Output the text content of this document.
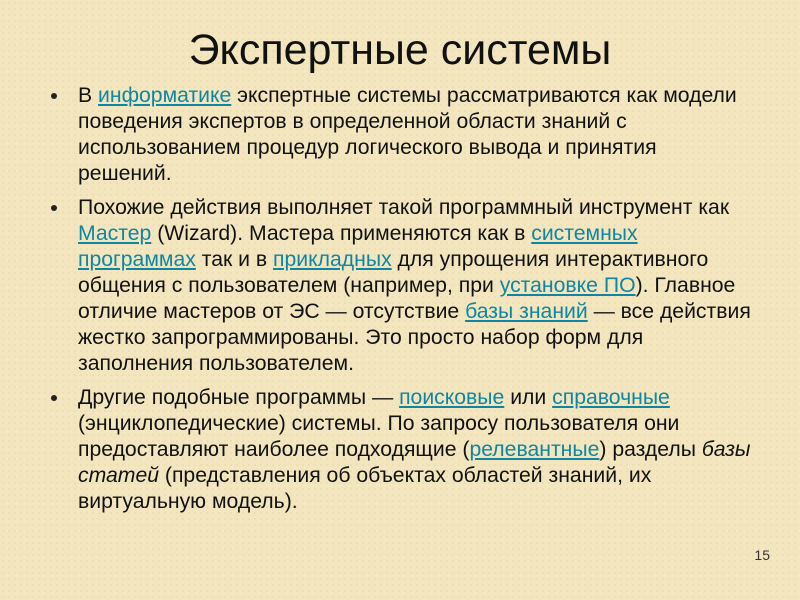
Экспертные системы
В информатике экспертные системы рассматриваются как модели поведения экспертов в определенной области знаний с использованием процедур логического вывода и принятия решений.
Похожие действия выполняет такой программный инструмент как Мастер (Wizard). Мастера применяются как в системных программах так и в прикладных для упрощения интерактивного общения с пользователем (например, при установке ПО). Главное отличие мастеров от ЭС — отсутствие базы знаний — все действия жестко запрограммированы. Это просто набор форм для заполнения пользователем.
Другие подобные программы — поисковые или справочные (энциклопедические) системы. По запросу пользователя они предоставляют наиболее подходящие (релевантные) разделы базы статей (представления об объектах областей знаний, их виртуальную модель).
15
